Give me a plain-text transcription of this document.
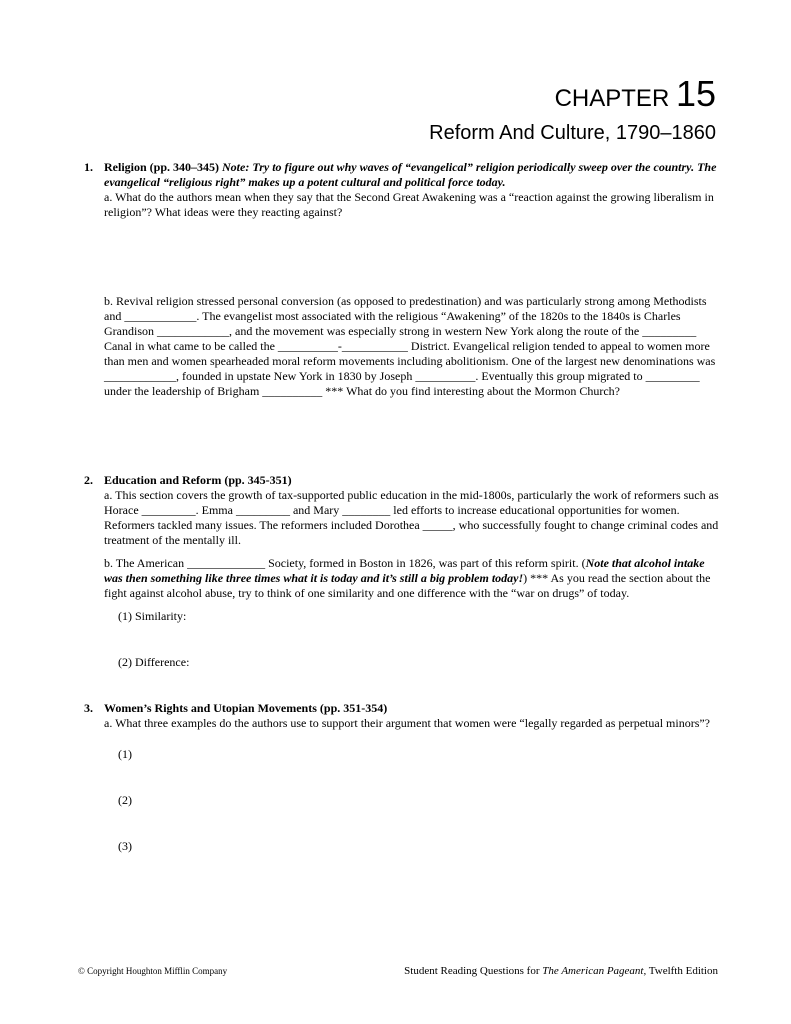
CHAPTER 15
Reform And Culture, 1790–1860
1. Religion (pp. 340–345) Note: Try to figure out why waves of “evangelical” religion periodically sweep over the country. The evangelical “religious right” makes up a potent cultural and political force today.

a. What do the authors mean when they say that the Second Great Awakening was a “reaction against the growing liberalism in religion”? What ideas were they reacting against?

b. Revival religion stressed personal conversion (as opposed to predestination) and was particularly strong among Methodists and ____________. The evangelist most associated with the religious “Awakening” of the 1820s to the 1840s is Charles Grandison ____________, and the movement was especially strong in western New York along the route of the _________ Canal in what came to be called the __________-___________ District. Evangelical religion tended to appeal to women more than men and women spearheaded moral reform movements including abolitionism. One of the largest new denominations was ____________, founded in upstate New York in 1830 by Joseph __________. Eventually this group migrated to _________ under the leadership of Brigham __________ *** What do you find interesting about the Mormon Church?

2. Education and Reform (pp. 345-351)

a. This section covers the growth of tax-supported public education in the mid-1800s, particularly the work of reformers such as Horace _________. Emma _________ and Mary ________ led efforts to increase educational opportunities for women. Reformers tackled many issues. The reformers included Dorothea _____, who successfully fought to change criminal codes and treatment of the mentally ill.

b. The American _____________ Society, formed in Boston in 1826, was part of this reform spirit. (Note that alcohol intake was then something like three times what it is today and it’s still a big problem today!) *** As you read the section about the fight against alcohol abuse, try to think of one similarity and one difference with the “war on drugs” of today.

(1) Similarity:

(2) Difference:

3. Women’s Rights and Utopian Movements (pp. 351-354)

a. What three examples do the authors use to support their argument that women were “legally regarded as perpetual minors”?

(1)

(2)

(3)

© Copyright Houghton Mifflin Company	Student Reading Questions for The American Pageant, Twelfth Edition
